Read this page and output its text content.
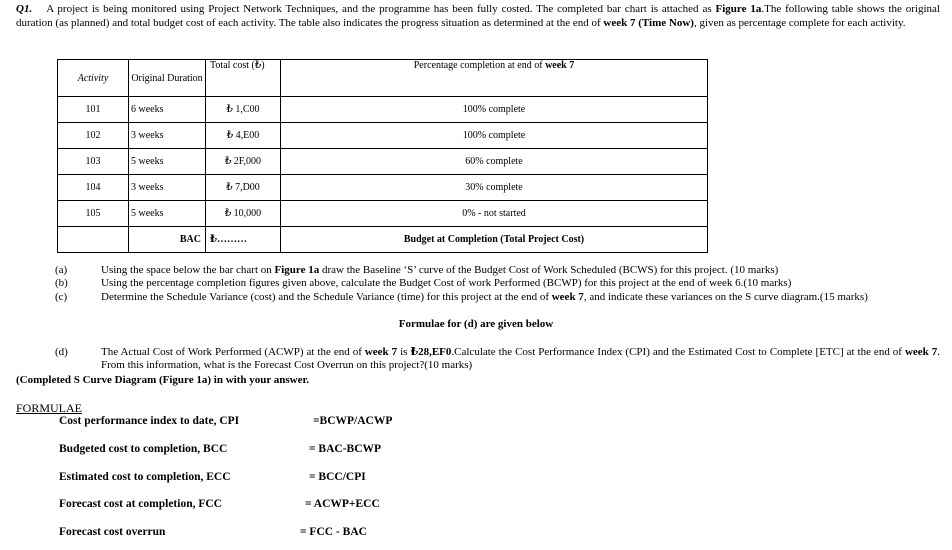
Q1. A project is being monitored using Project Network Techniques, and the programme has been fully costed. The completed bar chart is attached as Figure 1a.The following table shows the original duration (as planned) and total budget cost of each activity. The table also indicates the progress situation as determined at the end of week 7 (Time Now), given as percentage complete for each activity.
Activity	Original Duration	Total cost (₺)	Percentage completion at end of week 7
101	6 weeks	₺ 1,C00	100% complete
102	3 weeks	₺ 4,E00	100% complete
103	5 weeks	₺ 2F,000	60% complete
104	3 weeks	₺ 7,D00	30% complete
105	5 weeks	₺ 10,000	0% - not started
	BAC	₺………	Budget at Completion (Total Project Cost)
(a)	Using the space below the bar chart on Figure 1a draw the Baseline ‘S’ curve of the Budget Cost of Work Scheduled (BCWS) for this project. (10 marks)
(b)	Using the percentage completion figures given above, calculate the Budget Cost of work Performed (BCWP) for this project at the end of week 6.(10 marks)
(c)	Determine the Schedule Variance (cost) and the Schedule Variance (time) for this project at the end of week 7, and indicate these variances on the S curve diagram.(15 marks)
Formulae for (d) are given below
(d)	The Actual Cost of Work Performed (ACWP) at the end of week 7 is ₺28,EF0.Calculate the Cost Performance Index (CPI) and the Estimated Cost to Complete [ETC] at the end of week 7. From this information, what is the Forecast Cost Overrun on this project?(10 marks)
(Completed S Curve Diagram (Figure 1a) in with your answer.
FORMULAE
Cost performance index to date, CPI	=BCWP/ACWP
Budgeted cost to completion, BCC	= BAC-BCWP
Estimated cost to completion, ECC	= BCC/CPI
Forecast cost at completion, FCC	= ACWP+ECC
Forecast cost overrun	= FCC - BAC
